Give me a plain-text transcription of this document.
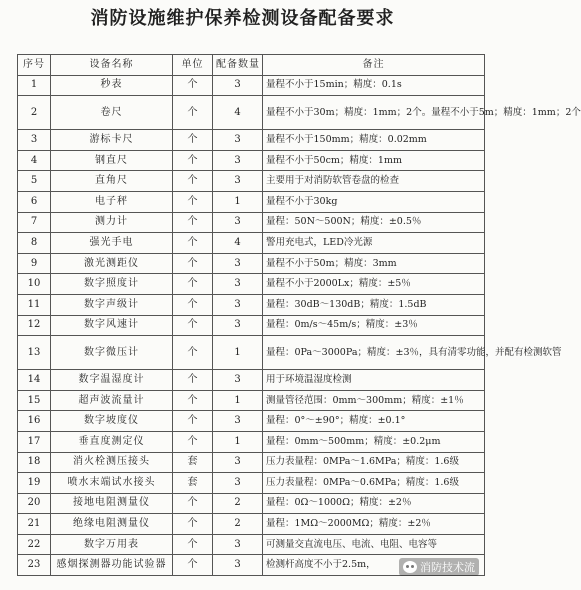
消防设施维护保养检测设备配备要求
序号	设备名称	单位	配备数量	备注
1	秒表	个	3	量程不小于15min；精度：0.1s
2	卷尺	个	4	量程不小于30m；精度：1mm；2个。量程不小于5m；精度：1mm；2个
3	游标卡尺	个	3	量程不小于150mm；精度：0.02mm
4	钢直尺	个	3	量程不小于50cm；精度：1mm
5	直角尺	个	3	主要用于对消防软管卷盘的检查
6	电子秤	个	1	量程不小于30kg
7	测力计	个	3	量程：50N～500N；精度：±0.5％
8	强光手电	个	4	警用充电式，LED冷光源
9	激光测距仪	个	3	量程不小于50m；精度：3mm
10	数字照度计	个	3	量程不小于2000Lx；精度：±5％
11	数字声级计	个	3	量程：30dB～130dB；精度：1.5dB
12	数字风速计	个	3	量程：0m/s～45m/s；精度：±3％
13	数字微压计	个	1	量程：0Pa～3000Pa；精度：±3％，具有清零功能，并配有检测软管
14	数字温湿度计	个	3	用于环境温湿度检测
15	超声波流量计	个	1	测量管径范围：0mm～300mm；精度：±1％
16	数字坡度仪	个	3	量程：0°～±90°；精度：±0.1°
17	垂直度测定仪	个	1	量程：0mm～500mm；精度：±0.2μm
18	消火栓测压接头	套	3	压力表量程：0MPa～1.6MPa；精度：1.6级
19	喷水末端试水接头	套	3	压力表量程：0MPa～0.6MPa；精度：1.6级
20	接地电阻测量仪	个	2	量程：0Ω～1000Ω；精度：±2％
21	绝缘电阻测量仪	个	2	量程：1MΩ～2000MΩ；精度：±2％
22	数字万用表	个	3	可测量交直流电压、电流、电阻、电容等
23	感烟探测器功能试验器	个	3	检测杆高度不小于2.5m，	消防技术流
